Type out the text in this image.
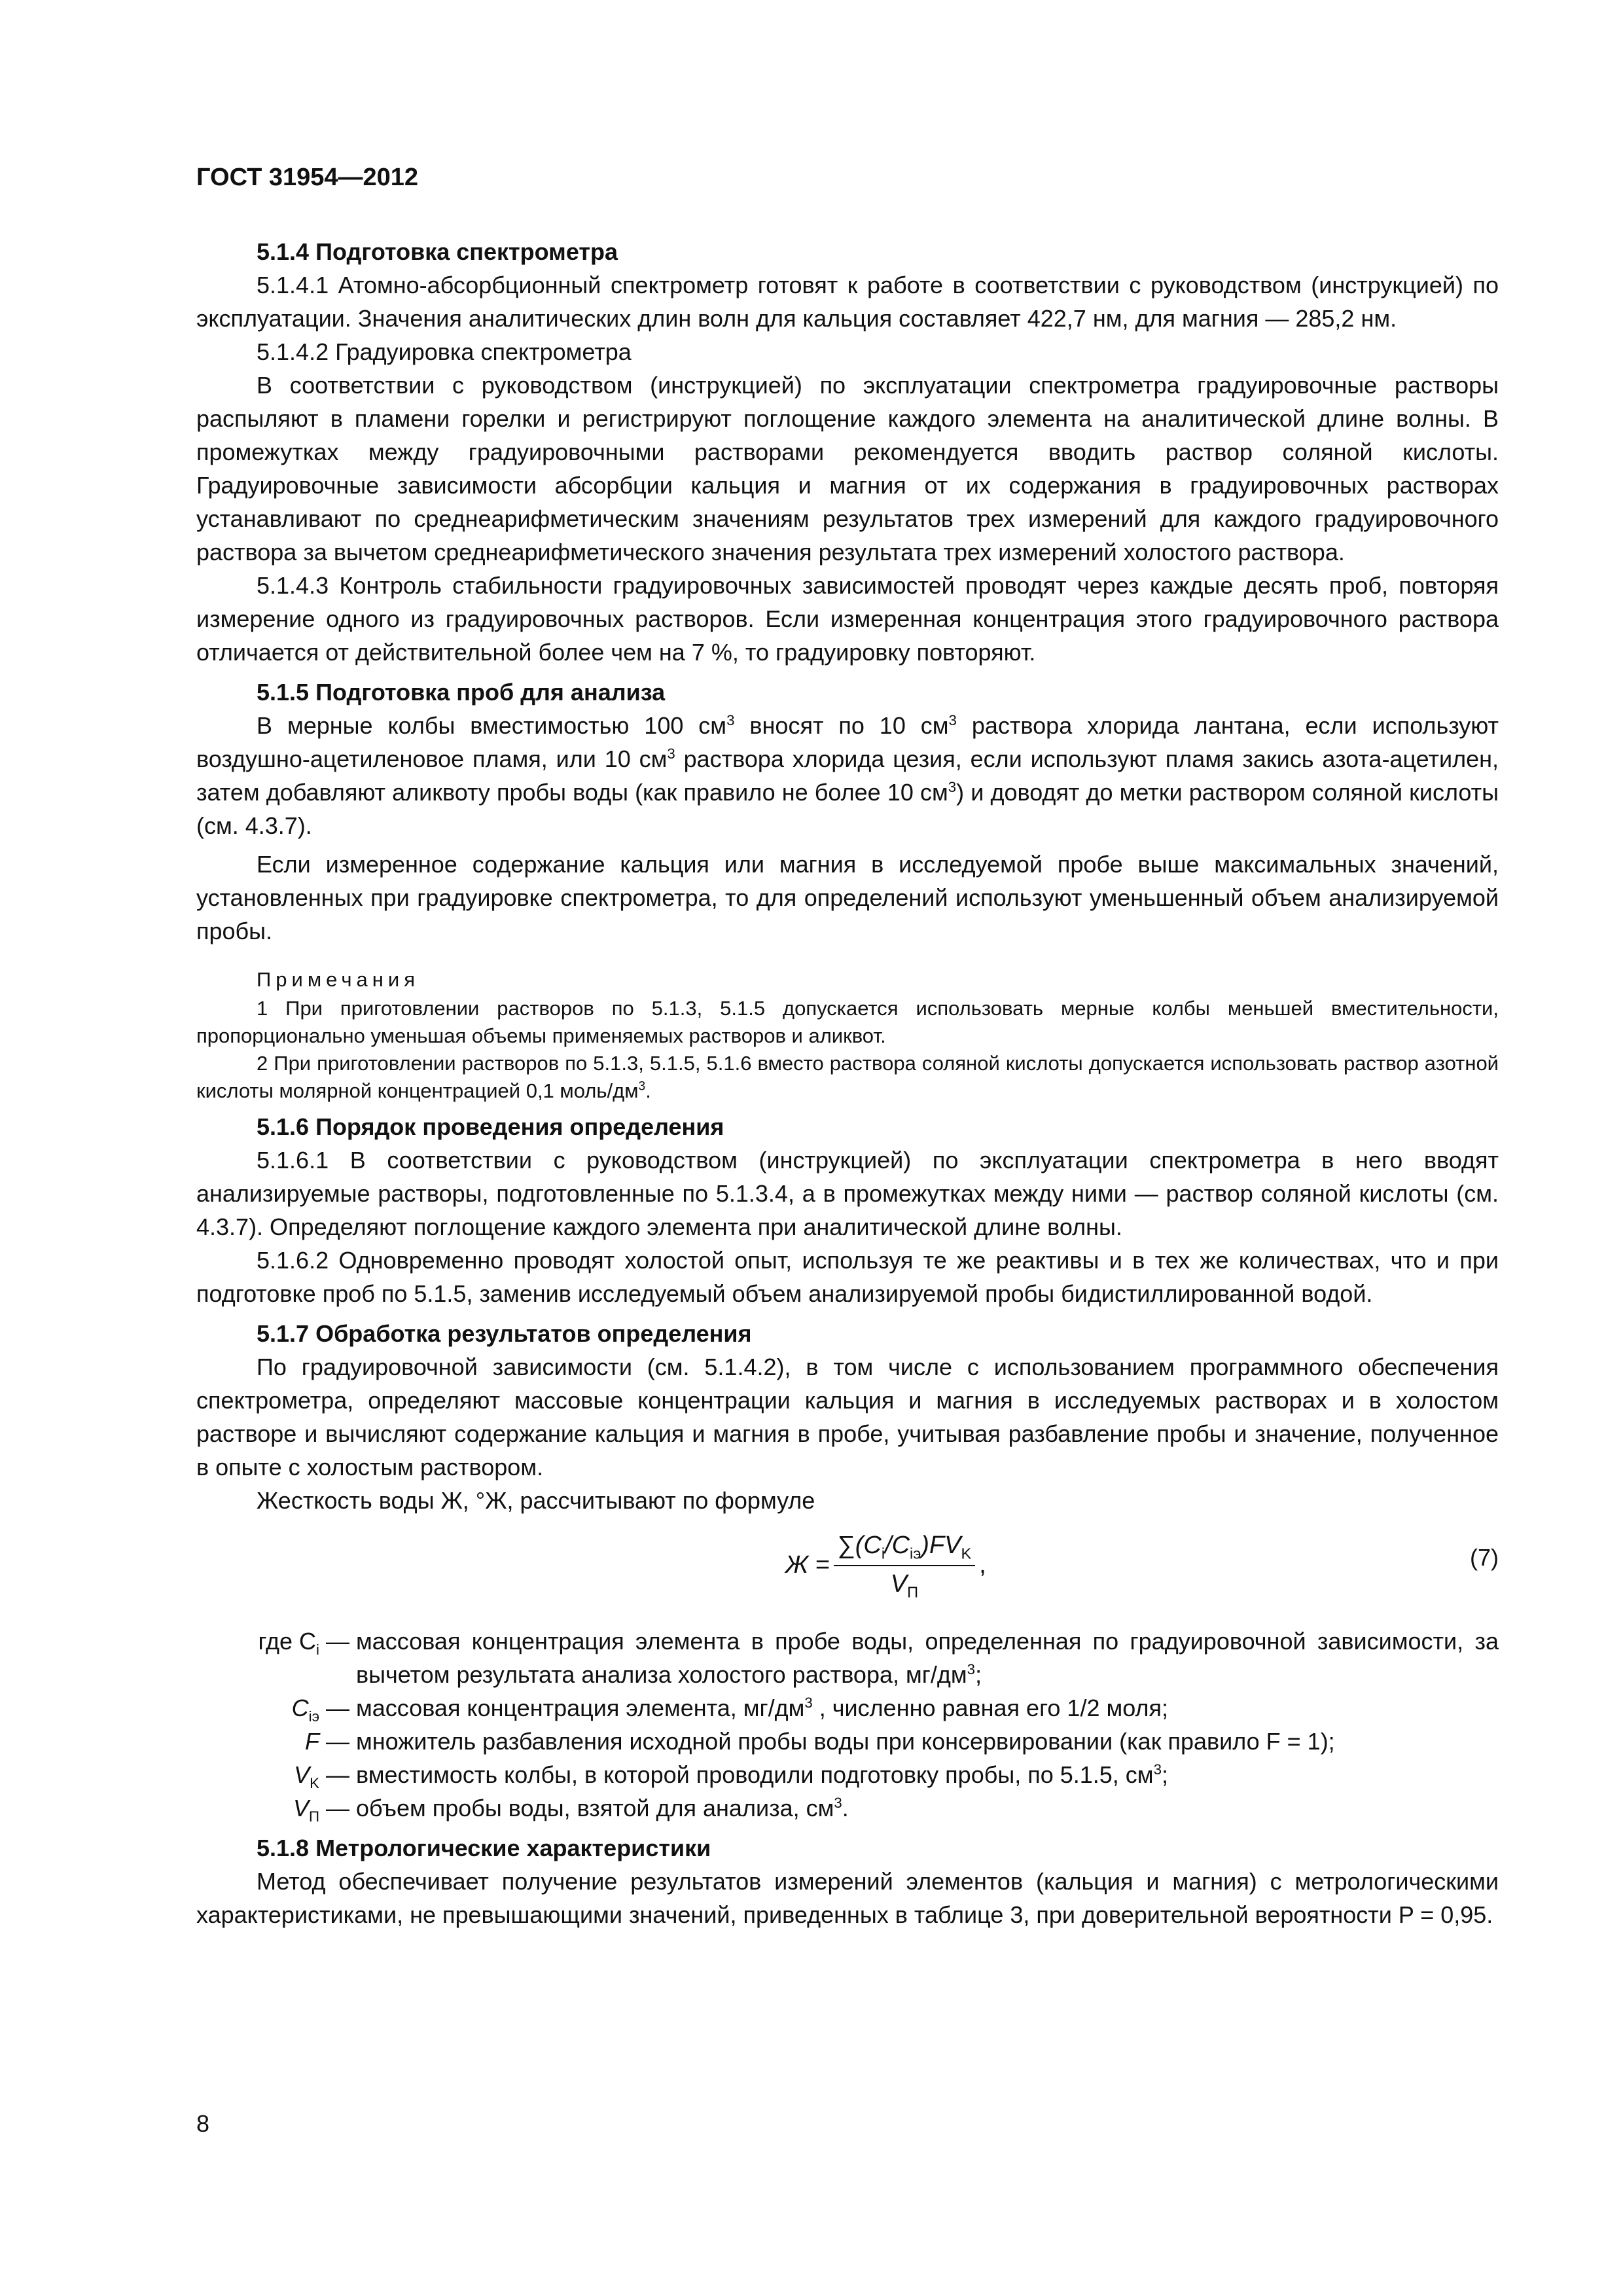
ГОСТ 31954—2012

5.1.4 Подготовка спектрометра

5.1.4.1 Атомно-абсорбционный спектрометр готовят к работе в соответствии с руководством (инструкцией) по эксплуатации. Значения аналитических длин волн для кальция составляет 422,7 нм, для магния — 285,2 нм.

5.1.4.2 Градуировка спектрометра

В соответствии с руководством (инструкцией) по эксплуатации спектрометра градуировочные растворы распыляют в пламени горелки и регистрируют поглощение каждого элемента на аналитической длине волны. В промежутках между градуировочными растворами рекомендуется вводить раствор соляной кислоты. Градуировочные зависимости абсорбции кальция и магния от их содержания в градуировочных растворах устанавливают по среднеарифметическим значениям результатов трех измерений для каждого градуировочного раствора за вычетом среднеарифметического значения результата трех измерений холостого раствора.

5.1.4.3 Контроль стабильности градуировочных зависимостей проводят через каждые десять проб, повторяя измерение одного из градуировочных растворов. Если измеренная концентрация этого градуировочного раствора отличается от действительной более чем на 7 %, то градуировку повторяют.

5.1.5 Подготовка проб для анализа

В мерные колбы вместимостью 100 $см^3$ вносят по 10 $см^3$ раствора хлорида лантана, если используют воздушно-ацетиленовое пламя, или 10 $см^3$ раствора хлорида цезия, если используют пламя закись азота-ацетилен, затем добавляют аликвоту пробы воды (как правило не более 10 $см^3$) и доводят до метки раствором соляной кислоты (см. 4.3.7).

Если измеренное содержание кальция или магния в исследуемой пробе выше максимальных значений, установленных при градуировке спектрометра, то для определений используют уменьшенный объем анализируемой пробы.

Примечания

1 При приготовлении растворов по 5.1.3, 5.1.5 допускается использовать мерные колбы меньшей вместительности, пропорционально уменьшая объемы применяемых растворов и аликвот.

2 При приготовлении растворов по 5.1.3, 5.1.5, 5.1.6 вместо раствора соляной кислоты допускается использовать раствор азотной кислоты молярной концентрацией 0,1 моль/$дм^3$.

5.1.6 Порядок проведения определения

5.1.6.1 В соответствии с руководством (инструкцией) по эксплуатации спектрометра в него вводят анализируемые растворы, подготовленные по 5.1.3.4, а в промежутках между ними — раствор соляной кислоты (см. 4.3.7). Определяют поглощение каждого элемента при аналитической длине волны.

5.1.6.2 Одновременно проводят холостой опыт, используя те же реактивы и в тех же количествах, что и при подготовке проб по 5.1.5, заменив исследуемый объем анализируемой пробы бидистиллированной водой.

5.1.7 Обработка результатов определения

По градуировочной зависимости (см. 5.1.4.2), в том числе с использованием программного обеспечения спектрометра, определяют массовые концентрации кальция и магния в исследуемых растворах и в холостом растворе и вычисляют содержание кальция и магния в пробе, учитывая разбавление пробы и значение, полученное в опыте с холостым раствором.

Жесткость воды Ж, °Ж, рассчитывают по формуле

$Ж = \frac{\sum(C_i/C_{iэ})FV_K}{V_П}$ ,	(7)
где $C_i$ — массовая концентрация элемента в пробе воды, определенная по градуировочной зависимости, за вычетом результата анализа холостого раствора, $мг/дм^3$;
$C_{iэ}$ — массовая концентрация элемента, $мг/дм^3$ , численно равная его 1/2 моля;
F — множитель разбавления исходной пробы воды при консервировании (как правило F = 1);
$V_K$ — вместимость колбы, в которой проводили подготовку пробы, по 5.1.5, $см^3$;
$V_П$ — объем пробы воды, взятой для анализа, $см^3$.

5.1.8 Метрологические характеристики

Метод обеспечивает получение результатов измерений элементов (кальция и магния) с метрологическими характеристиками, не превышающими значений, приведенных в таблице 3, при доверительной вероятности P = 0,95.

8
